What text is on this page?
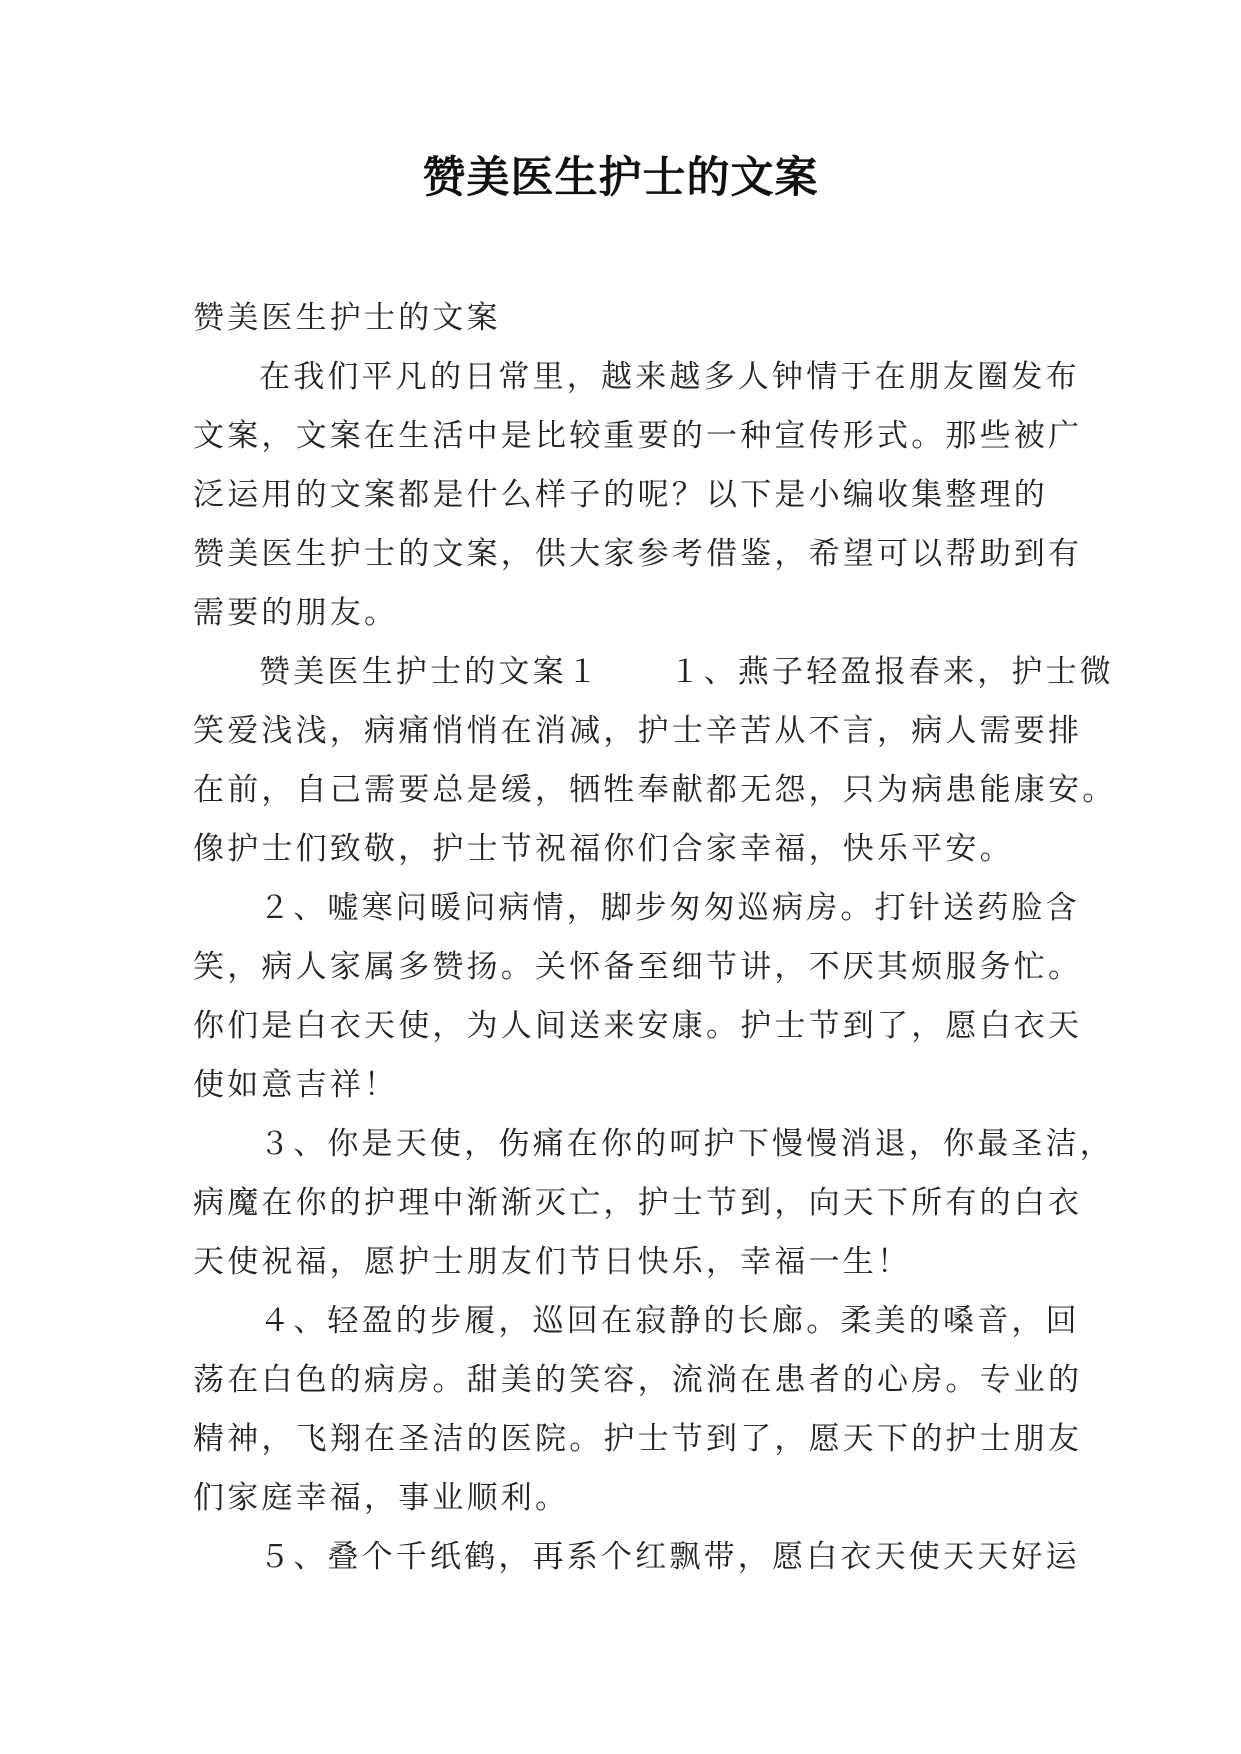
赞美医生护士的文案
赞美医生护士的文案
在我们平凡的日常里，越来越多人钟情于在朋友圈发布
文案，文案在生活中是比较重要的一种宣传形式。那些被广
泛运用的文案都是什么样子的呢？以下是小编收集整理的
赞美医生护士的文案，供大家参考借鉴，希望可以帮助到有
需要的朋友。
赞美医生护士的文案１　　１、燕子轻盈报春来，护士微
笑爱浅浅，病痛悄悄在消减，护士辛苦从不言，病人需要排
在前，自己需要总是缓，牺牲奉献都无怨，只为病患能康安。
像护士们致敬，护士节祝福你们合家幸福，快乐平安。
２、嘘寒问暖问病情，脚步匆匆巡病房。打针送药脸含
笑，病人家属多赞扬。关怀备至细节讲，不厌其烦服务忙。
你们是白衣天使，为人间送来安康。护士节到了，愿白衣天
使如意吉祥！
３、你是天使，伤痛在你的呵护下慢慢消退，你最圣洁，
病魔在你的护理中渐渐灭亡，护士节到，向天下所有的白衣
天使祝福，愿护士朋友们节日快乐，幸福一生！
４、轻盈的步履，巡回在寂静的长廊。柔美的嗓音，回
荡在白色的病房。甜美的笑容，流淌在患者的心房。专业的
精神，飞翔在圣洁的医院。护士节到了，愿天下的护士朋友
们家庭幸福，事业顺利。
５、叠个千纸鹤，再系个红飘带，愿白衣天使天天好运
